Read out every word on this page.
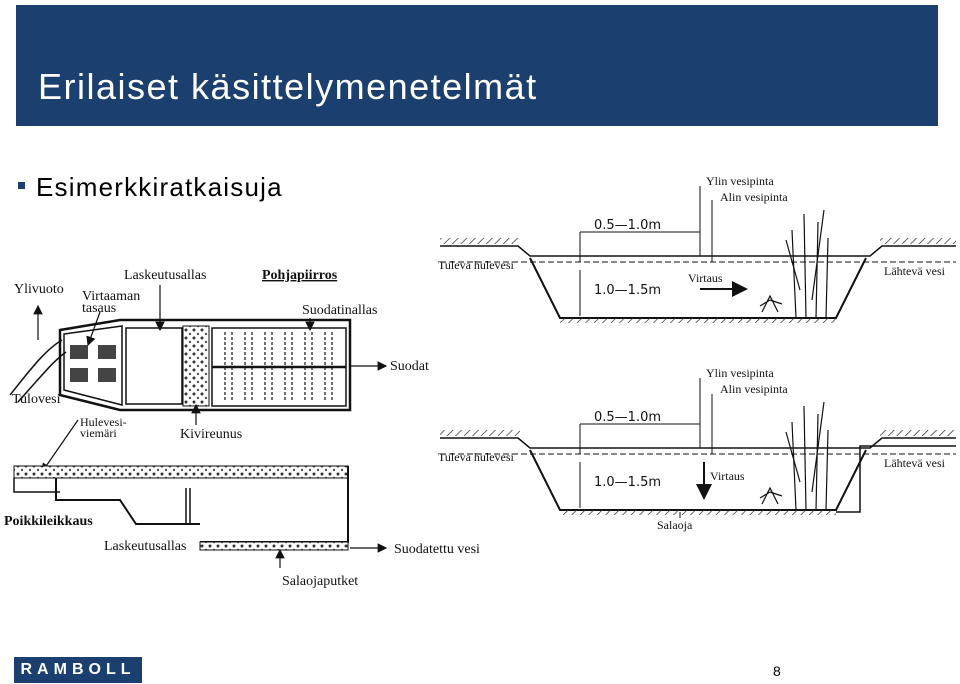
Erilaiset käsittelymenetelmät
Esimerkkiratkaisuja
Ylivuoto
Laskeutusallas	Pohjapiirros
Virtaaman
tasaus	Suodatinallas
Suodat
Tulovesi
Hulevesi-
viemäri	Kivireunus
Poikkileikkaus
Laskeutusallas	Suodatettu vesi
Salaojaputket
Ylin vesipinta
Alin vesipinta
0.5—1.0m
1.0—1.5m
Tuleva hulevesi
Virtaus	Lähtevä vesi
Ylin vesipinta
Alin vesipinta
0.5—1.0m
1.0—1.5m
Tuleva hulevesi
Virtaus
Lähtevä vesi
Salaoja
RAMBOLL	8
